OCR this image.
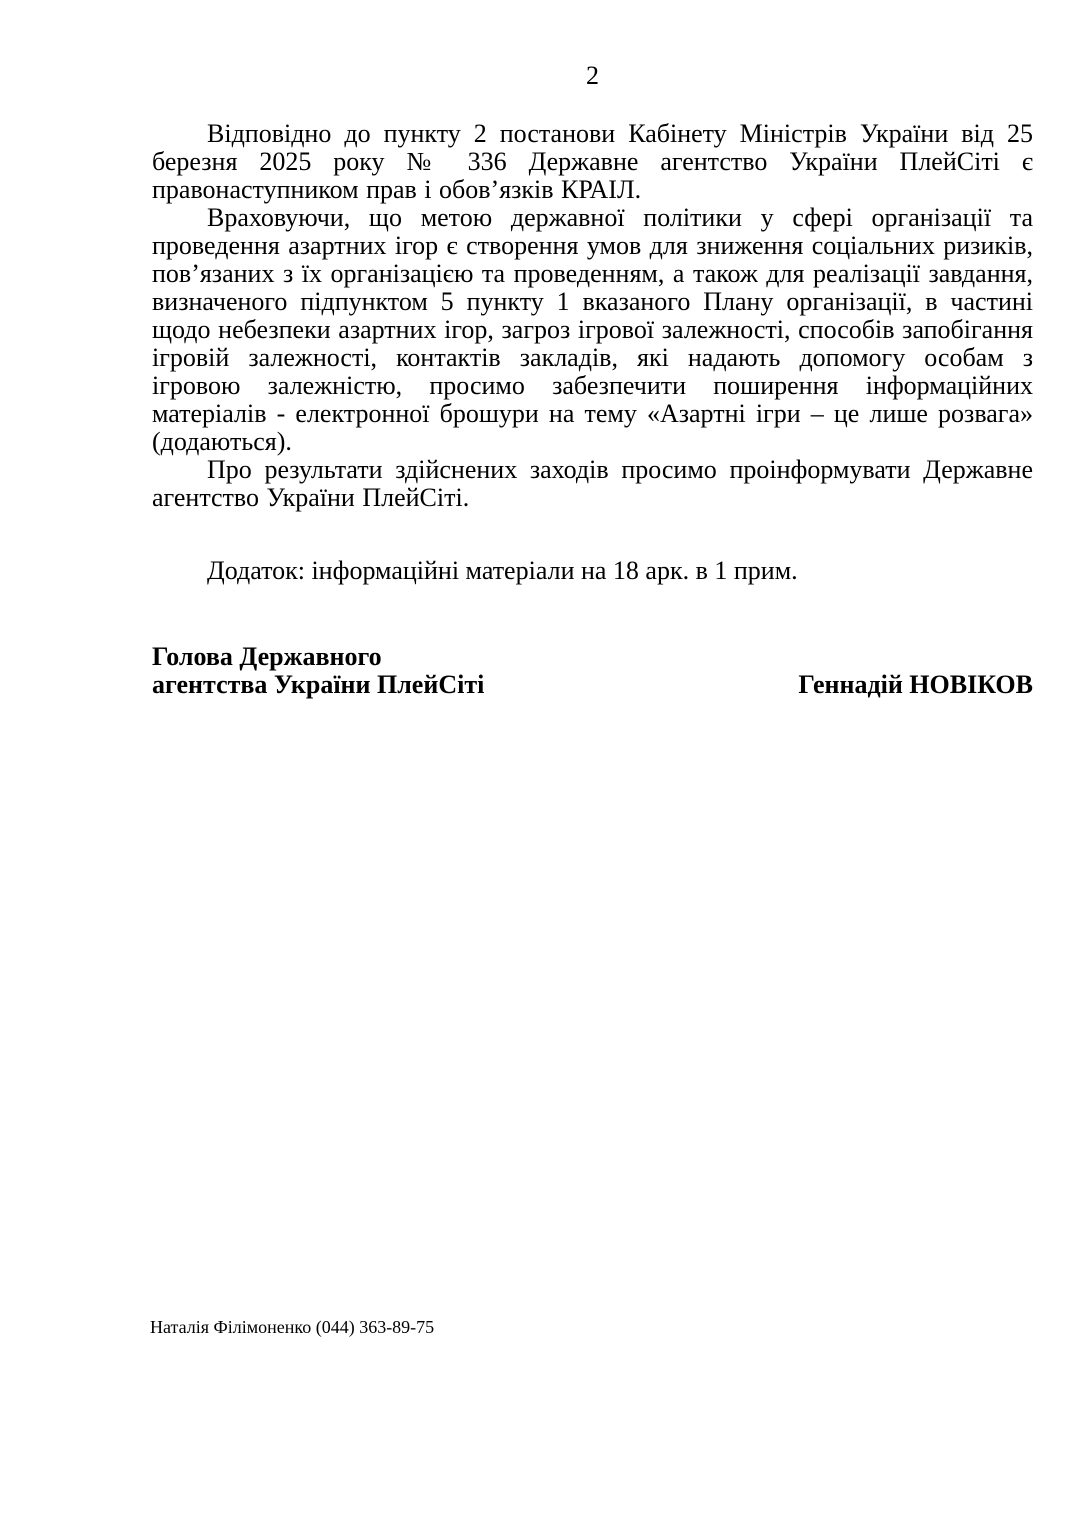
2

Відповідно до пункту 2 постанови Кабінету Міністрів України від 25 березня 2025 року № 336 Державне агентство України ПлейСіті є правонаступником прав і обов’язків КРАІЛ.

Враховуючи, що метою державної політики у сфері організації та проведення азартних ігор є створення умов для зниження соціальних ризиків, пов’язаних з їх організацією та проведенням, а також для реалізації завдання, визначеного підпунктом 5 пункту 1 вказаного Плану організації, в частині щодо небезпеки азартних ігор, загроз ігрової залежності, способів запобігання ігровій залежності, контактів закладів, які надають допомогу особам з ігровою залежністю, просимо забезпечити поширення інформаційних матеріалів - електронної брошури на тему «Азартні ігри – це лише розвага» (додаються).

Про результати здійснених заходів просимо проінформувати Державне агентство України ПлейСіті.

Додаток: інформаційні матеріали на 18 арк. в 1 прим.

Голова Державного
агентства України ПлейСіті	Геннадій НОВІКОВ
Наталія Філімоненко (044) 363-89-75
